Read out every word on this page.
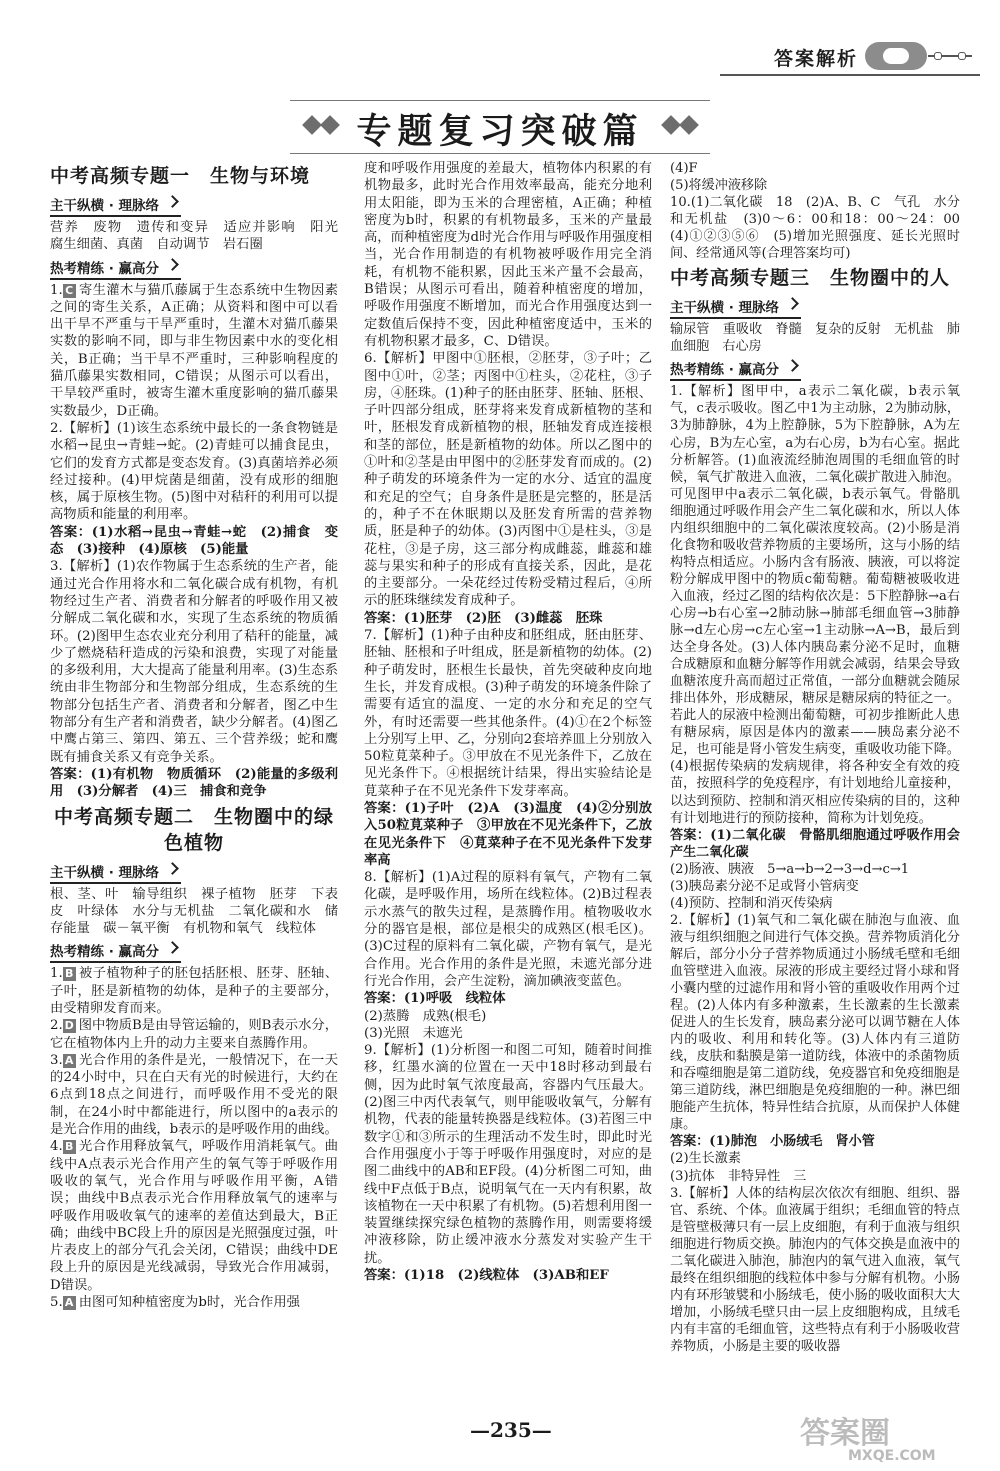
答案解析
专题复习突破篇
中考高频专题一　生物与环境
主干纵横 · 理脉络

营养　废物　遗传和变异　适应并影响　阳光　腐生细菌、真菌　自动调节　岩石圈

热考精练 · 赢高分

1. C 寄生灌木与猫爪藤属于生态系统中生物因素之间的寄生关系，A正确；从资料和图中可以看出干旱不严重与干旱严重时，生灌木对猫爪藤果实数的影响不同，即与非生物因素中水的变化相关，B正确；当干旱不严重时，三种影响程度的猫爪藤果实数相同，C错误；从图示可以看出，干旱较严重时，被寄生灌木重度影响的猫爪藤果实数最少，D正确。

2.【解析】(1)该生态系统中最长的一条食物链是水稻→昆虫→青蛙→蛇。(2)青蛙可以捕食昆虫，它们的发育方式都是变态发育。(3)真菌培养必须经过接种。(4)甲烷菌是细菌，没有成形的细胞核，属于原核生物。(5)图中对秸秆的利用可以提高物质和能量的利用率。

答案：(1)水稻→昆虫→青蛙→蛇　(2)捕食　变态　(3)接种　(4)原核　(5)能量

3.【解析】(1)农作物属于生态系统的生产者，能通过光合作用将水和二氧化碳合成有机物，有机物经过生产者、消费者和分解者的呼吸作用又被分解成二氧化碳和水，实现了生态系统的物质循环。(2)图甲生态农业充分利用了秸秆的能量，减少了燃烧秸秆造成的污染和浪费，实现了对能量的多级利用，大大提高了能量利用率。(3)生态系统由非生物部分和生物部分组成，生态系统的生物部分包括生产者、消费者和分解者，图乙中生物部分有生产者和消费者，缺少分解者。(4)图乙中鹰占第三、第四、第五、三个营养级；蛇和鹰既有捕食关系又有竞争关系。

答案：(1)有机物　物质循环　(2)能量的多级利用　(3)分解者　(4)三　捕食和竞争

中考高频专题二　生物圈中的绿色植物
主干纵横 · 理脉络

根、茎、叶　输导组织　裸子植物　胚芽　下表皮　叶绿体　水分与无机盐　二氧化碳和水　储存能量　碳－氧平衡　有机物和氧气　线粒体

热考精练 · 赢高分

1. B 被子植物种子的胚包括胚根、胚芽、胚轴、子叶，胚是新植物的幼体，是种子的主要部分，由受精卵发育而来。

2. D 图中物质B是由导管运输的，则B表示水分，它在植物体内上升的动力主要来自蒸腾作用。

3. A 光合作用的条件是光，一般情况下，在一天的24小时中，只在白天有光的时候进行，大约在6点到18点之间进行，而呼吸作用不受光的限制，在24小时中都能进行，所以图中的a表示的是光合作用的曲线，b表示的是呼吸作用的曲线。

4. B 光合作用释放氧气，呼吸作用消耗氧气。曲线中A点表示光合作用产生的氧气等于呼吸作用吸收的氧气，光合作用与呼吸作用平衡，A错误；曲线中B点表示光合作用释放氧气的速率与呼吸作用吸收氧气的速率的差值达到最大，B正确；曲线中BC段上升的原因是光照强度过强，叶片表皮上的部分气孔会关闭，C错误；曲线中DE段上升的原因是光线减弱，导致光合作用减弱，D错误。

5. A 由图可知种植密度为b时，光合作用强

度和呼吸作用强度的差最大，植物体内积累的有机物最多，此时光合作用效率最高，能充分地利用太阳能，即为玉米的合理密植，A正确；种植密度为b时，积累的有机物最多，玉米的产量最高，而种植密度为d时光合作用与呼吸作用强度相当，光合作用制造的有机物被呼吸作用完全消耗，有机物不能积累，因此玉米产量不会最高，B错误；从图示可看出，随着种植密度的增加，呼吸作用强度不断增加，而光合作用强度达到一定数值后保持不变，因此种植密度适中，玉米的有机物积累才最多，C、D错误。

6.【解析】甲图中①胚根，②胚芽，③子叶；乙图中①叶，②茎；丙图中①柱头，②花柱，③子房，④胚珠。(1)种子的胚由胚芽、胚轴、胚根、子叶四部分组成，胚芽将来发育成新植物的茎和叶，胚根发育成新植物的根，胚轴发育成连接根和茎的部位，胚是新植物的幼体。所以乙图中的①叶和②茎是由甲图中的②胚芽发育而成的。(2)种子萌发的环境条件为一定的水分、适宜的温度和充足的空气；自身条件是胚是完整的，胚是活的，种子不在休眠期以及胚发育所需的营养物质，胚是种子的幼体。(3)丙图中①是柱头，③是花柱，③是子房，这三部分构成雌蕊，雌蕊和雄蕊与果实和种子的形成有直接关系，因此，是花的主要部分。一朵花经过传粉受精过程后，④所示的胚珠继续发育成种子。

答案：(1)胚芽　(2)胚　(3)雌蕊　胚珠

7.【解析】(1)种子由种皮和胚组成，胚由胚芽、胚轴、胚根和子叶组成，胚是新植物的幼体。(2)种子萌发时，胚根生长最快，首先突破种皮向地生长，并发育成根。(3)种子萌发的环境条件除了需要有适宜的温度、一定的水分和充足的空气外，有时还需要一些其他条件。(4)①在2个标签上分别写上甲、乙，分别向2套培养皿上分别放入50粒莧菜种子。③甲放在不见光条件下，乙放在见光条件下。④根据统计结果，得出实验结论是莧菜种子在不见光条件下发芽率高。

答案：(1)子叶　(2)A　(3)温度　(4)②分别放入50粒莧菜种子　③甲放在不见光条件下，乙放在见光条件下　④莧菜种子在不见光条件下发芽率高

8.【解析】(1)A过程的原料有氧气，产物有二氧化碳，是呼吸作用，场所在线粒体。(2)B过程表示水蒸气的散失过程，是蒸腾作用。植物吸收水分的器官是根，部位是根尖的成熟区(根毛区)。(3)C过程的原料有二氧化碳，产物有氧气，是光合作用。光合作用的条件是光照，未遮光部分进行光合作用，会产生淀粉，滴加碘液变蓝色。

答案：(1)呼吸　线粒体

(2)蒸腾　成熟(根毛)

(3)光照　未遮光

9.【解析】(1)分析图一和图二可知，随着时间推移，红墨水滴的位置在一天中18时移动到最右侧，因为此时氧气浓度最高，容器内气压最大。(2)图三中丙代表氧气，则甲能吸收氧气，分解有机物，代表的能量转换器是线粒体。(3)若图三中数字①和③所示的生理活动不发生时，即此时光合作用强度小于等于呼吸作用强度时，对应的是图二曲线中的AB和EF段。(4)分析图二可知，曲线中F点低于B点，说明氧气在一天内有积累，故该植物在一天中积累了有机物。(5)若想利用图一装置继续探究绿色植物的蒸腾作用，则需要将缓冲液移除，防止缓冲液水分蒸发对实验产生干扰。

答案：(1)18　(2)线粒体　(3)AB和EF

(4)F

(5)将缓冲液移除

10.(1)二氧化碳　18　(2)A、B、C　气孔　水分和无机盐　(3)0～6：00和18：00～24：00　(4)①②③⑤⑥　(5)增加光照强度、延长光照时间、经常通风等(合理答案均可)

中考高频专题三　生物圈中的人
主干纵横 · 理脉络

输尿管　重吸收　脊髓　复杂的反射　无机盐　肺　血细胞　右心房

热考精练 · 赢高分

1.【解析】图甲中，a表示二氧化碳，b表示氧气，c表示吸收。图乙中1为主动脉，2为肺动脉，3为肺静脉，4为上腔静脉，5为下腔静脉，A为左心房，B为左心室，a为右心房，b为右心室。据此分析解答。(1)血液流经肺泡周围的毛细血管的时候，氧气扩散进入血液，二氧化碳扩散进入肺泡。可见图甲中a表示二氧化碳，b表示氧气。骨骼肌细胞通过呼吸作用会产生二氧化碳和水，所以人体内组织细胞中的二氧化碳浓度较高。(2)小肠是消化食物和吸收营养物质的主要场所，这与小肠的结构特点相适应。小肠内含有肠液、胰液，可以将淀粉分解成甲图中的物质c葡萄糖。葡萄糖被吸收进入血液，经过乙图的结构依次是：5下腔静脉→a右心房→b右心室→2肺动脉→肺部毛细血管→3肺静脉→d左心房→c左心室→1主动脉→A→B，最后到达全身各处。(3)人体内胰岛素分泌不足时，血糖合成糖原和血糖分解等作用就会减弱，结果会导致血糖浓度升高而超过正常值，一部分血糖就会随尿排出体外，形成糖尿，糖尿是糖尿病的特征之一。若此人的尿液中检测出葡萄糖，可初步推断此人患有糖尿病，原因是体内的激素——胰岛素分泌不足，也可能是肾小管发生病变，重吸收功能下降。(4)根据传染病的发病规律，将各种安全有效的疫苗，按照科学的免疫程序，有计划地给儿童接种，以达到预防、控制和消灭相应传染病的目的，这种有计划地进行的预防接种，简称为计划免疫。

答案：(1)二氧化碳　骨骼肌细胞通过呼吸作用会产生二氧化碳

(2)肠液、胰液　5→a→b→2→3→d→c→1

(3)胰岛素分泌不足或肾小管病变

(4)预防、控制和消灭传染病

2.【解析】(1)氧气和二氧化碳在肺泡与血液、血液与组织细胞之间进行气体交换。营养物质消化分解后，部分小分子营养物质通过小肠绒毛壁和毛细血管壁进入血液。尿液的形成主要经过肾小球和肾小囊内壁的过滤作用和肾小管的重吸收作用两个过程。(2)人体内有多种激素，生长激素的生长激素促进人的生长发育，胰岛素分泌可以调节糖在人体内的吸收、利用和转化等。(3)人体内有三道防线，皮肤和黏膜是第一道防线，体液中的杀菌物质和吞噬细胞是第二道防线，免疫器官和免疫细胞是第三道防线，淋巴细胞是免疫细胞的一种。淋巴细胞能产生抗体，特异性结合抗原，从而保护人体健康。

答案：(1)肺泡　小肠绒毛　肾小管

(2)生长激素

(3)抗体　非特异性　三

3.【解析】人体的结构层次依次有细胞、组织、器官、系统、个体。血液属于组织；毛细血管的特点是管壁极薄只有一层上皮细胞，有利于血液与组织细胞进行物质交换。肺泡内的气体交换是血液中的二氧化碳进入肺泡，肺泡内的氧气进入血液，氧气最终在组织细胞的线粒体中参与分解有机物。小肠内有环形皱襞和小肠绒毛，使小肠的吸收面积大大增加，小肠绒毛壁只由一层上皮细胞构成，且绒毛内有丰富的毛细血管，这些特点有利于小肠吸收营养物质，小肠是主要的吸收器

—235—	答案圈
MXQE.COM
